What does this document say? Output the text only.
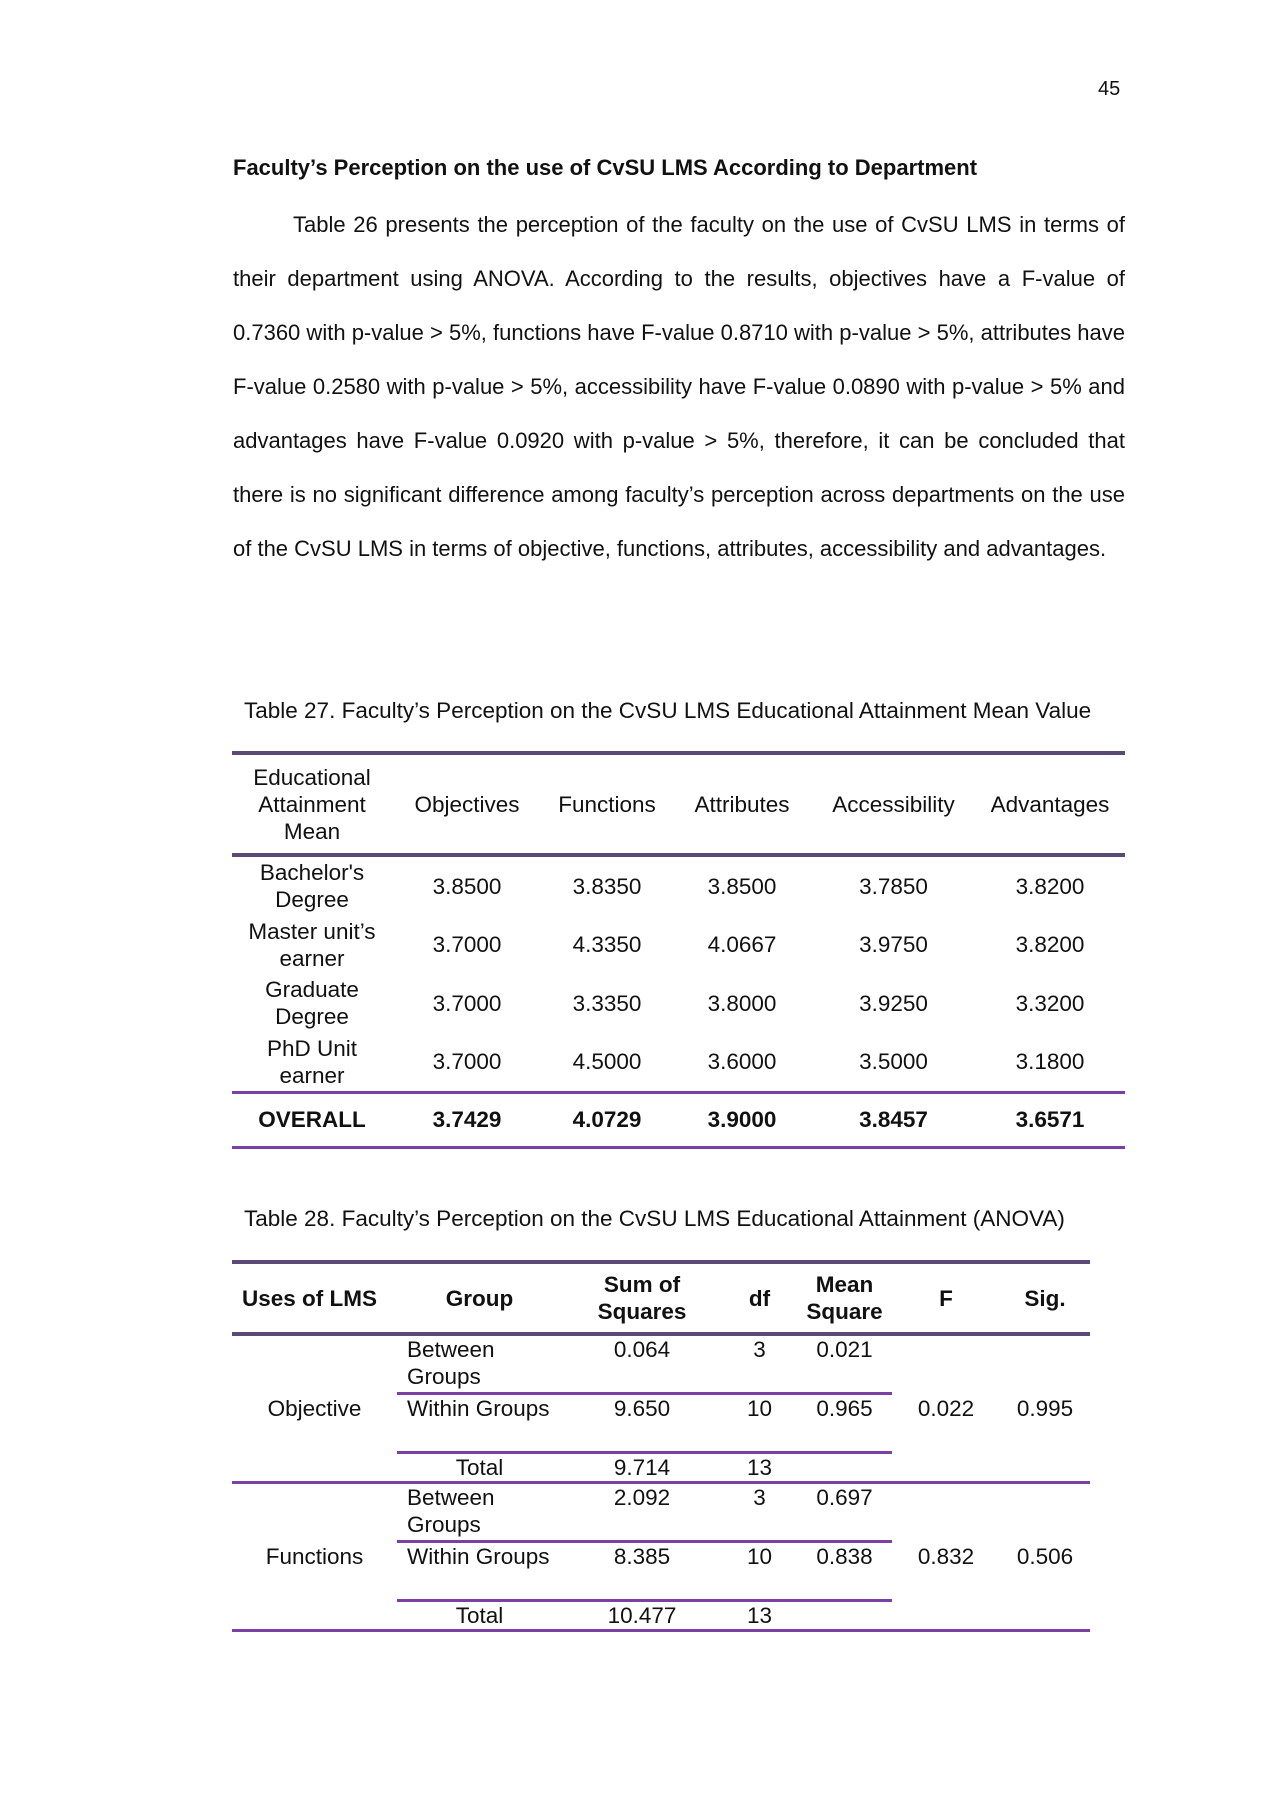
45
Faculty’s Perception on the use of CvSU LMS According to Department

Table 26 presents the perception of the faculty on the use of CvSU LMS in terms of their department using ANOVA. According to the results, objectives have a F-value of 0.7360 with p-value > 5%, functions have F-value 0.8710 with p-value > 5%, attributes have F-value 0.2580 with p-value > 5%, accessibility have F-value 0.0890 with p-value > 5% and advantages have F-value 0.0920 with p-value > 5%, therefore, it can be concluded that there is no significant difference among faculty’s perception across departments on the use of the CvSU LMS in terms of objective, functions, attributes, accessibility and advantages.

Table 27. Faculty’s Perception on the CvSU LMS Educational Attainment Mean Value
Educational Attainment Mean	Objectives	Functions	Attributes	Accessibility	Advantages
Bachelor's Degree	3.8500	3.8350	3.8500	3.7850	3.8200
Master unit’s earner	3.7000	4.3350	4.0667	3.9750	3.8200
Graduate Degree	3.7000	3.3350	3.8000	3.9250	3.3200
PhD Unit earner	3.7000	4.5000	3.6000	3.5000	3.1800
OVERALL	3.7429	4.0729	3.9000	3.8457	3.6571
Table 28. Faculty’s Perception on the CvSU LMS Educational Attainment (ANOVA)
Uses of LMS	Group	Sum of Squares	df	Mean Square	F	Sig.
Objective	Between Groups	0.064	3	0.021	0.022	0.995
	Within Groups	9.650	10	0.965		
	Total	9.714	13			
Functions	Between Groups	2.092	3	0.697	0.832	0.506
	Within Groups	8.385	10	0.838		
	Total	10.477	13			
